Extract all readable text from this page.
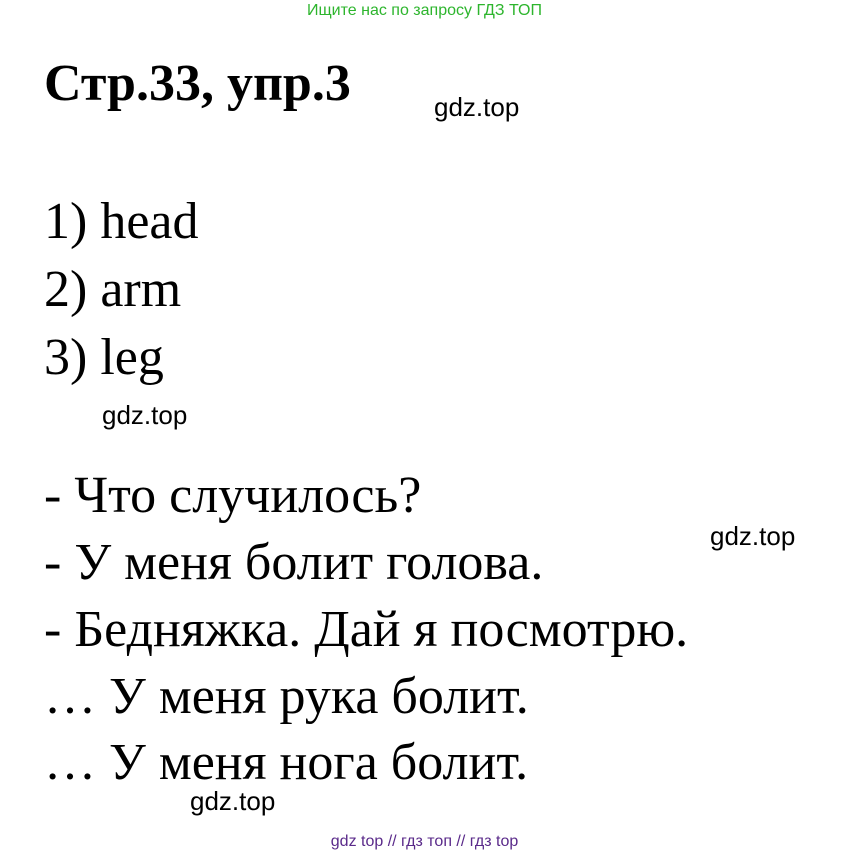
Ищите нас по запросу ГДЗ ТОП
Стр.33, упр.3	gdz.top
1) head
2) arm
3) leg
gdz.top
- Что случилось?
gdz.top
- У меня болит голова.
- Бедняжка. Дай я посмотрю.
… У меня рука болит.
… У меня нога болит.
gdz.top
gdz top // гдз топ // гдз top
